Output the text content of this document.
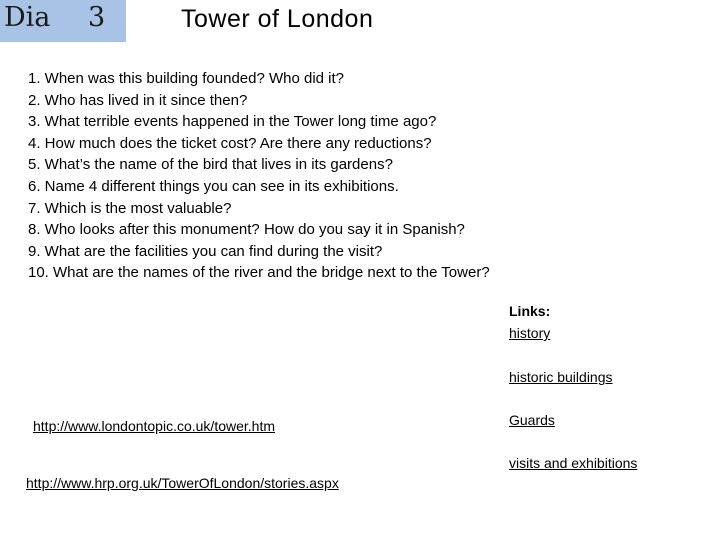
Dia 3	Tower of London
1. When was this building founded? Who did it?
2. Who has lived in it since then?
3. What terrible events happened in the Tower long time ago?
4. How much does the ticket cost? Are there any reductions?
5. What’s the name of the bird that lives in its gardens?
6. Name 4 different things you can see in its exhibitions.
7. Which is the most valuable?
8. Who looks after this monument? How do you say it in Spanish?
9. What are the facilities you can find during the visit?
10. What are the names of the river and the bridge next to the Tower?
Links:
history
historic buildings
Guards
visits and exhibitions
http://www.londontopic.co.uk/tower.htm
http://www.hrp.org.uk/TowerOfLondon/stories.aspx
